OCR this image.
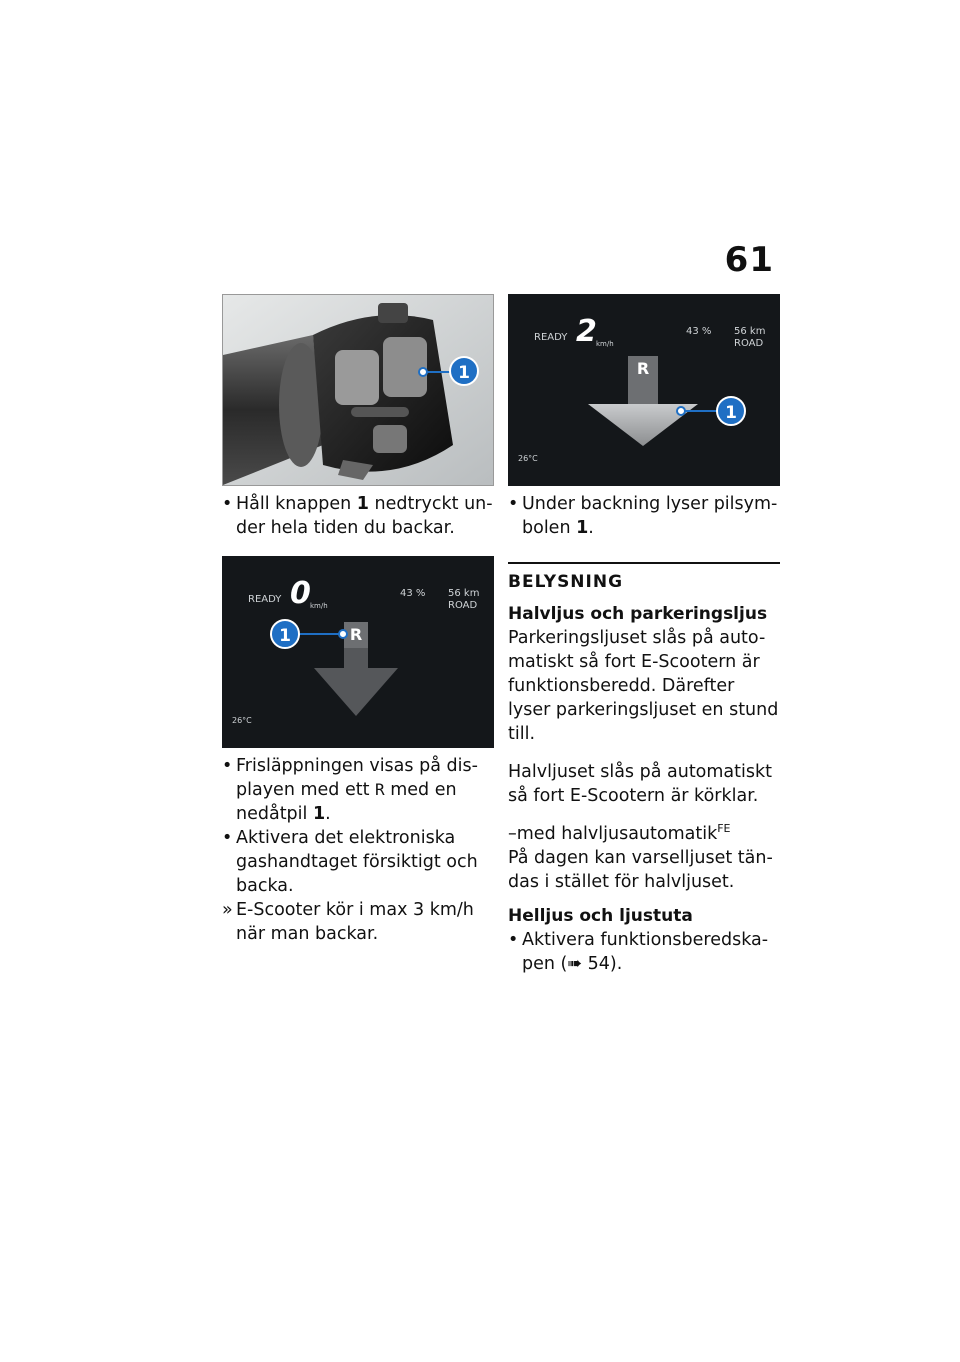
61
1
• Håll knappen 1 nedtryckt un-der hela tiden du backar.
READY 0 km/h
43 % 56 km
ROAD
26°C
R
1
• Frisläppningen visas på dis-playen med ett R med en nedåtpil 1.
• Aktivera det elektroniska gashandtaget försiktigt och backa.
» E-Scooter kör i max 3 km/h när man backar.
READY 2 km/h
43 % 56 km
ROAD
26°C
R
1
• Under backning lyser pilsym-bolen 1.
BELYSNING
Halvljus och parkeringsljus
Parkeringsljuset slås på auto-matiskt så fort E-Scootern är funktionsberedd. Därefter lyser parkeringsljuset en stund till.
Halvljuset slås på automatiskt så fort E-Scootern är körklar.
–med halvljusautomatik$^{FE}$
På dagen kan varselljuset tän-das i stället för halvljuset.
Helljus och ljustuta
• Aktivera funktionsberedska-pen (➠ 54).
